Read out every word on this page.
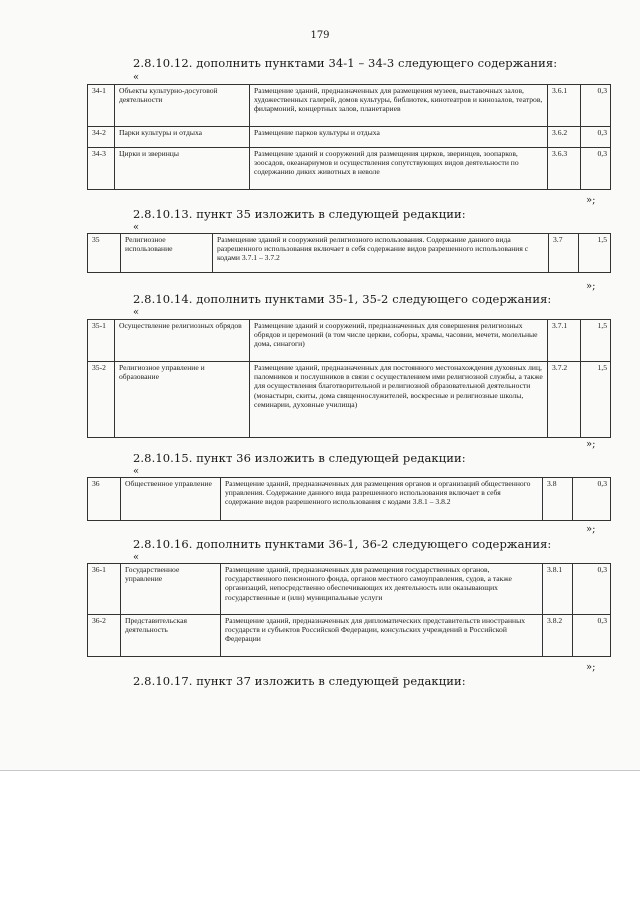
179
2.8.10.12. дополнить пунктами 34-1 – 34-3 следующего содержания:
«
34-1	Объекты культурно-досуговой деятельности	Размещение зданий, предназначенных для размещения музеев, выставочных залов, художественных галерей, домов культуры, библиотек, кинотеатров и кинозалов, театров, филармоний, концертных залов, планетариев	3.6.1	0,3
34-2	Парки культуры и отдыха	Размещение парков культуры и отдыха	3.6.2	0,3
34-3	Цирки и зверинцы	Размещение зданий и сооружений для размещения цирков, зверинцев, зоопарков, зоосадов, океанариумов и осуществления сопутствующих видов деятельности по содержанию диких животных в неволе	3.6.3	0,3
»;
2.8.10.13. пункт 35 изложить в следующей редакции:
«
35	Религиозное использование	Размещение зданий и сооружений религиозного использования. Содержание данного вида разрешенного использования включает в себя содержание видов разрешенного использования с кодами 3.7.1 – 3.7.2	3.7	1,5
»;
2.8.10.14. дополнить пунктами 35-1, 35-2 следующего содержания:
«
35-1	Осуществление религиозных обрядов	Размещение зданий и сооружений, предназначенных для совершения религиозных обрядов и церемоний (в том числе церкви, соборы, храмы, часовни, мечети, молельные дома, синагоги)	3.7.1	1,5
35-2	Религиозное управление и образование	Размещение зданий, предназначенных для постоянного местонахождения духовных лиц, паломников и послушников в связи с осуществлением ими религиозной службы, а также для осуществления благотворительной и религиозной образовательной деятельности (монастыри, скиты, дома священнослужителей, воскресные и религиозные школы, семинарии, духовные училища)	3.7.2	1,5
»;
2.8.10.15. пункт 36 изложить в следующей редакции:
«
36	Общественное управление	Размещение зданий, предназначенных для размещения органов и организаций общественного управления. Содержание данного вида разрешенного использования включает в себя содержание видов разрешенного использования с кодами 3.8.1 – 3.8.2	3.8	0,3
»;
2.8.10.16. дополнить пунктами 36-1, 36-2 следующего содержания:
«
36-1	Государственное управление	Размещение зданий, предназначенных для размещения государственных органов, государственного пенсионного фонда, органов местного самоуправления, судов, а также организаций, непосредственно обеспечивающих их деятельность или оказывающих государственные и (или) муниципальные услуги	3.8.1	0,3
36-2	Представительская деятельность	Размещение зданий, предназначенных для дипломатических представительств иностранных государств и субъектов Российской Федерации, консульских учреждений в Российской Федерации	3.8.2	0,3
»;
2.8.10.17. пункт 37 изложить в следующей редакции:
